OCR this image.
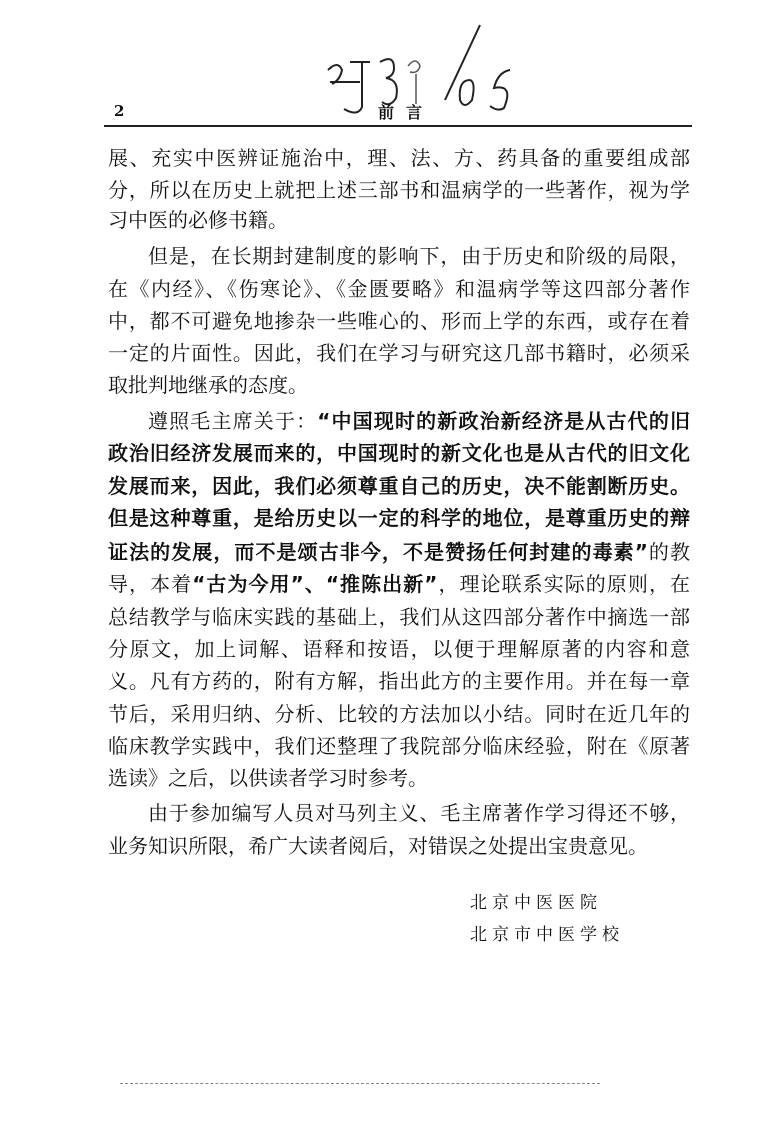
2	前言
展、充实中医辨证施治中，理、法、方、药具备的重要组成部
分，所以在历史上就把上述三部书和温病学的一些著作，视为学
习中医的必修书籍。
但是，在长期封建制度的影响下，由于历史和阶级的局限，
在《内经》、《伤寒论》、《金匮要略》和温病学等这四部分著作
中，都不可避免地掺杂一些唯心的、形而上学的东西，或存在着
一定的片面性。因此，我们在学习与研究这几部书籍时，必须采
取批判地继承的态度。
遵照毛主席关于：“中国现时的新政治新经济是从古代的旧
政治旧经济发展而来的，中国现时的新文化也是从古代的旧文化
发展而来，因此，我们必须尊重自己的历史，决不能割断历史。
但是这种尊重，是给历史以一定的科学的地位，是尊重历史的辩
证法的发展，而不是颂古非今，不是赞扬任何封建的毒素”的教
导，本着“古为今用”、“推陈出新”，理论联系实际的原则，在
总结教学与临床实践的基础上，我们从这四部分著作中摘选一部
分原文，加上词解、语释和按语，以便于理解原著的内容和意
义。凡有方药的，附有方解，指出此方的主要作用。并在每一章
节后，采用归纳、分析、比较的方法加以小结。同时在近几年的
临床教学实践中，我们还整理了我院部分临床经验，附在《原著
选读》之后，以供读者学习时参考。
由于参加编写人员对马列主义、毛主席著作学习得还不够，
业务知识所限，希广大读者阅后，对错误之处提出宝贵意见。
北京中医医院
北京市中医学校
